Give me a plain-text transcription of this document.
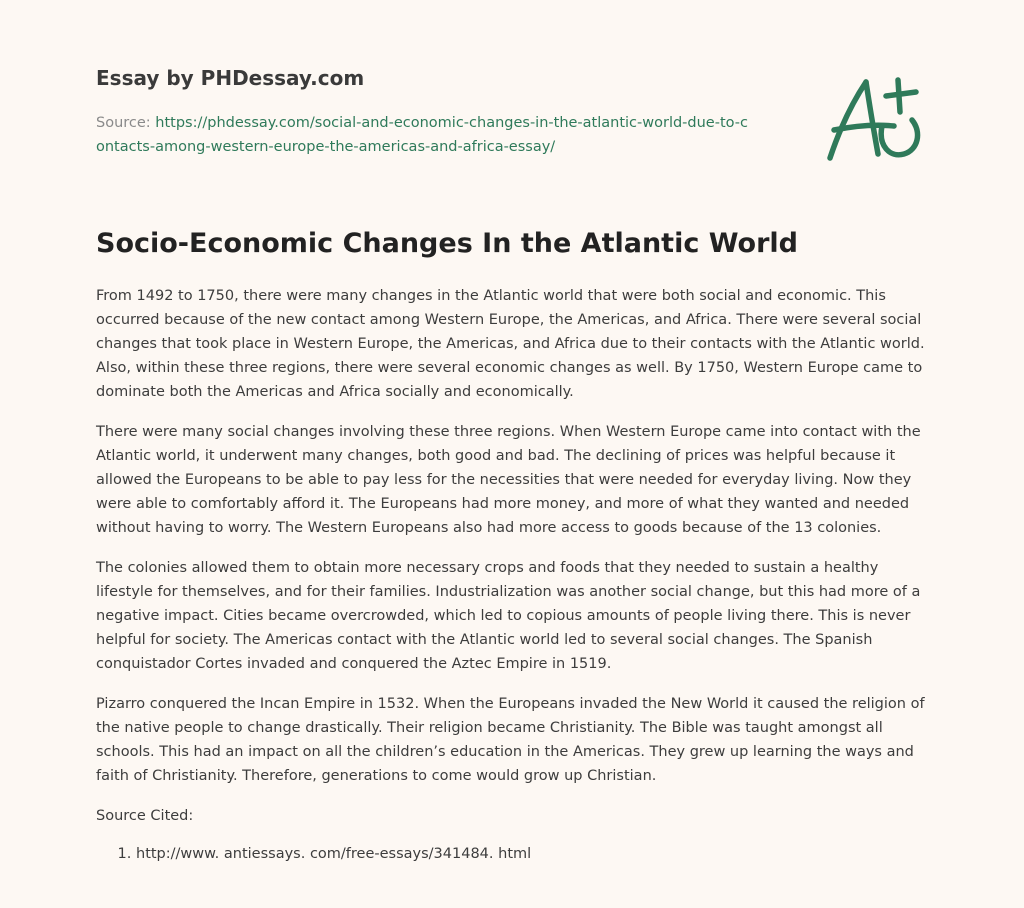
Essay by PHDessay.com

Source: https://phdessay.com/social-and-economic-changes-in-the-atlantic-world-due-to-contacts-among-western-europe-the-americas-and-africa-essay/

Socio-Economic Changes In the Atlantic World

From 1492 to 1750, there were many changes in the Atlantic world that were both social and economic. This occurred because of the new contact among Western Europe, the Americas, and Africa. There were several social changes that took place in Western Europe, the Americas, and Africa due to their contacts with the Atlantic world. Also, within these three regions, there were several economic changes as well. By 1750, Western Europe came to dominate both the Americas and Africa socially and economically.

There were many social changes involving these three regions. When Western Europe came into contact with the Atlantic world, it underwent many changes, both good and bad. The declining of prices was helpful because it allowed the Europeans to be able to pay less for the necessities that were needed for everyday living. Now they were able to comfortably afford it. The Europeans had more money, and more of what they wanted and needed without having to worry. The Western Europeans also had more access to goods because of the 13 colonies.

The colonies allowed them to obtain more necessary crops and foods that they needed to sustain a healthy lifestyle for themselves, and for their families. Industrialization was another social change, but this had more of a negative impact. Cities became overcrowded, which led to copious amounts of people living there. This is never helpful for society. The Americas contact with the Atlantic world led to several social changes. The Spanish conquistador Cortes invaded and conquered the Aztec Empire in 1519.

Pizarro conquered the Incan Empire in 1532. When the Europeans invaded the New World it caused the religion of the native people to change drastically. Their religion became Christianity. The Bible was taught amongst all schools. This had an impact on all the children’s education in the Americas. They grew up learning the ways and faith of Christianity. Therefore, generations to come would grow up Christian.

Source Cited:

1. http://www. antiessays. com/free-essays/341484. html
